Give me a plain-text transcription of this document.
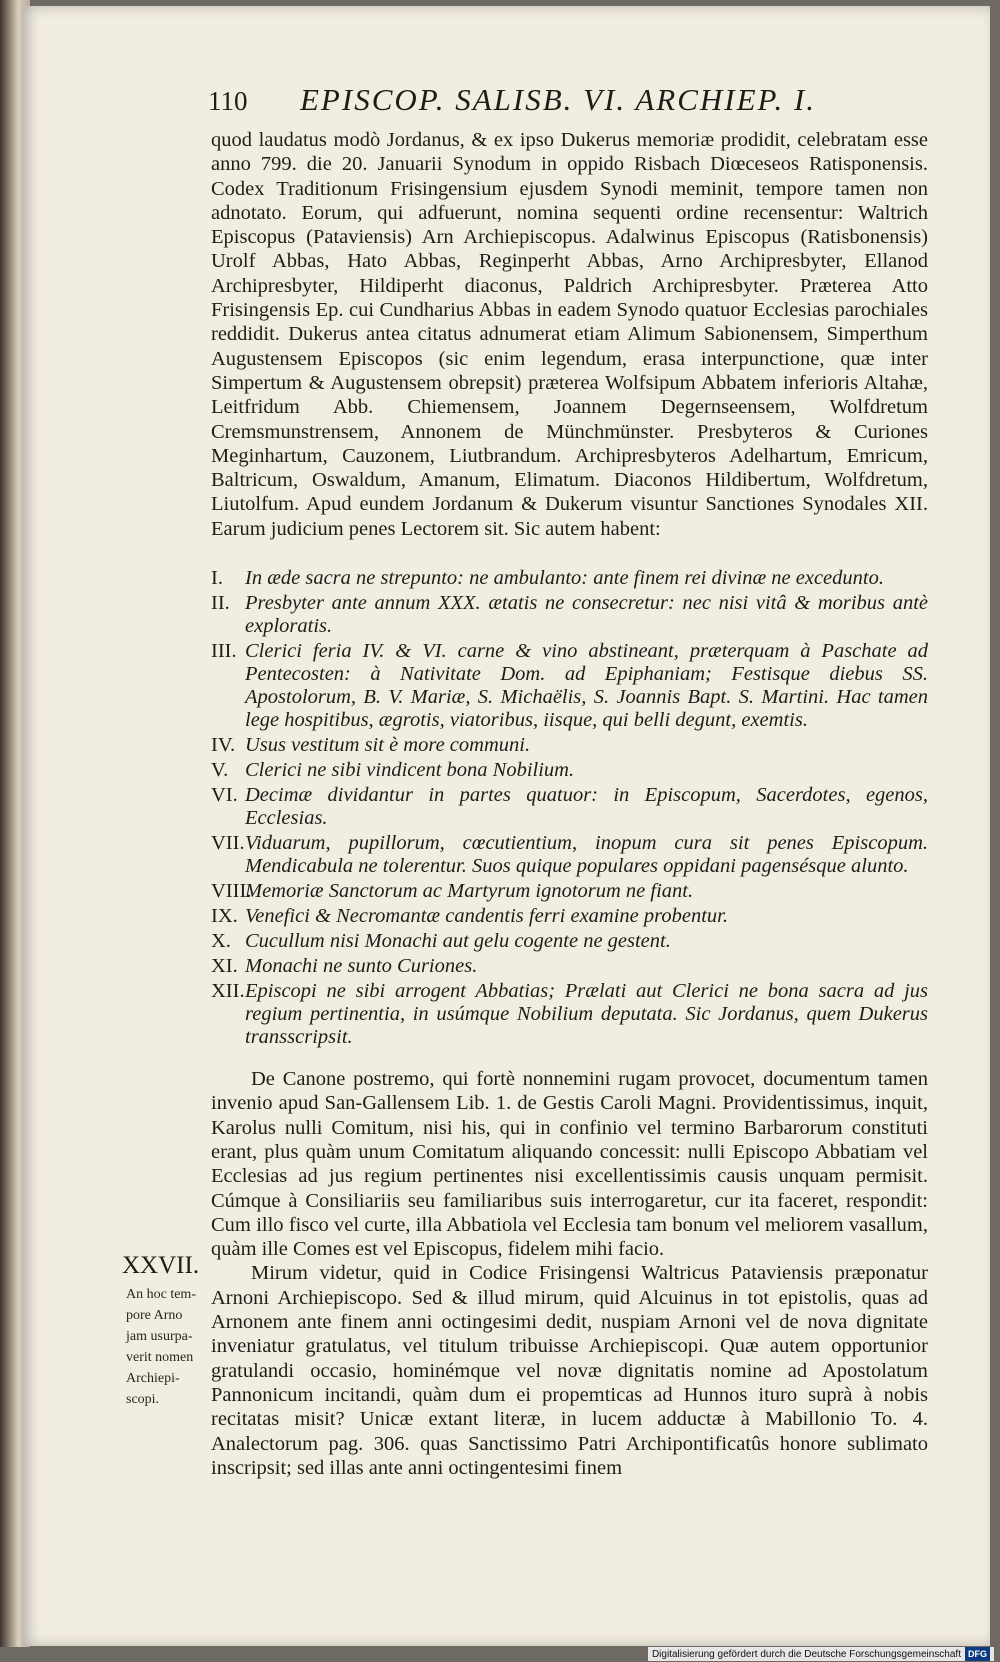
110 EPISCOP. SALISB. VI. ARCHIEP. I.

quod laudatus modò Jordanus, & ex ipso Dukerus memoriæ prodidit, celebratam esse anno 799. die 20. Januarii Synodum in oppido Risbach Diœceseos Ratisponensis. Codex Traditionum Frisingensium ejusdem Synodi meminit, tempore tamen non adnotato. Eorum, qui adfuerunt, nomina sequenti ordine recensentur: Waltrich Episcopus (Pataviensis) Arn Archiepiscopus. Adalwinus Episcopus (Ratisbonensis) Urolf Abbas, Hato Abbas, Reginperht Abbas, Arno Archipresbyter, Ellanod Archipresbyter, Hildiperht diaconus, Paldrich Archipresbyter. Præterea Atto Frisingensis Ep. cui Cundharius Abbas in eadem Synodo quatuor Ecclesias parochiales reddidit. Dukerus antea citatus adnumerat etiam Alimum Sabionensem, Simperthum Augustensem Episcopos (sic enim legendum, erasa interpunctione, quæ inter Simpertum & Augustensem obrepsit) præterea Wolfsipum Abbatem inferioris Altahæ, Leitfridum Abb. Chiemensem, Joannem Degernseensem, Wolfdretum Cremsmunstrensem, Annonem de Münchmünster. Presbyteros & Curiones Meginhartum, Cauzonem, Liutbrandum. Archipresbyteros Adelhartum, Emricum, Baltricum, Oswaldum, Amanum, Elimatum. Diaconos Hildibertum, Wolfdretum, Liutolfum. Apud eundem Jordanum & Dukerum visuntur Sanctiones Synodales XII. Earum judicium penes Lectorem sit. Sic autem habent:

I.	In æde sacra ne strepunto: ne ambulanto: ante finem rei divinæ ne excedunto.
II. Presbyter ante annum XXX. ætatis ne consecretur: nec nisi vitâ & moribus antè exploratis.
III. Clerici feria IV. & VI. carne & vino abstineant, præterquam à Paschate ad Pentecosten: à Nativitate Dom. ad Epiphaniam; Festisque diebus SS. Apostolorum, B. V. Mariæ, S. Michaëlis, S. Joannis Bapt. S. Martini. Hac tamen lege hospitibus, ægrotis, viatoribus, iisque, qui belli degunt, exemtis.
IV. Usus vestitum sit è more communi.
V. Clerici ne sibi vindicent bona Nobilium.
VI. Decimæ dividantur in partes quatuor: in Episcopum, Sacerdotes, egenos, Ecclesias.
VII. Viduarum, pupillorum, cœcutientium, inopum cura sit penes Episcopum. Mendicabula ne tolerentur. Suos quique populares oppidani pagensésque alunto.
VIII.
Memoriæ Sanctorum ac Martyrum ignotorum ne fiant.
IX. Venefici & Necromantæ candentis ferri examine probentur.
X. Cucullum nisi Monachi aut gelu cogente ne gestent.
XI. Monachi ne sunto Curiones.
XII. Episcopi ne sibi arrogent Abbatias; Prælati aut Clerici ne bona sacra ad jus regium pertinentia, in usúmque Nobilium deputata. Sic Jordanus, quem Dukerus transscripsit.

De Canone postremo, qui fortè nonnemini rugam provocet, documentum tamen invenio apud San-Gallensem Lib. 1. de Gestis Caroli Magni. Providentissimus, inquit, Karolus nulli Comitum, nisi his, qui in confinio vel termino Barbarorum constituti erant, plus quàm unum Comitatum aliquando concessit: nulli Episcopo Abbatiam vel Ecclesias ad jus regium pertinentes nisi excellentissimis causis unquam permisit. Cúmque à Consiliariis seu familiaribus suis interrogaretur, cur ita faceret, respondit: Cum illo fisco vel curte, illa Abbatiola vel Ecclesia tam bonum vel meliorem vasallum, quàm ille Comes est vel Episcopus, fidelem mihi facio.

Mirum videtur, quid in Codice Frisingensi Waltricus Pataviensis præponatur Arnoni Archiepiscopo. Sed & illud mirum, quid Alcuinus in tot epistolis, quas ad Arnonem ante finem anni octingesimi dedit, nuspiam Arnoni vel de nova dignitate inveniatur gratulatus, vel titulum tribuisse Archiepiscopi. Quæ autem opportunior gratulandi occasio, hominémque vel novæ dignitatis nomine ad Apostolatum Pannonicum incitandi, quàm dum ei propemticas ad Hunnos ituro suprà à nobis recitatas misit? Unicæ extant literæ, in lucem adductæ à Mabillonio To. 4. Analectorum pag. 306. quas Sanctissimo Patri Archipontificatûs honore sublimato inscripsit; sed illas ante anni octingentesimi finem

XXVII.
An hoc tem-
pore Arno
jam usurpa-
verit nomen
Archiepi-
scopi.
Digitalisierung gefördert durch die Deutsche Forschungsgemeinschaft DFG
